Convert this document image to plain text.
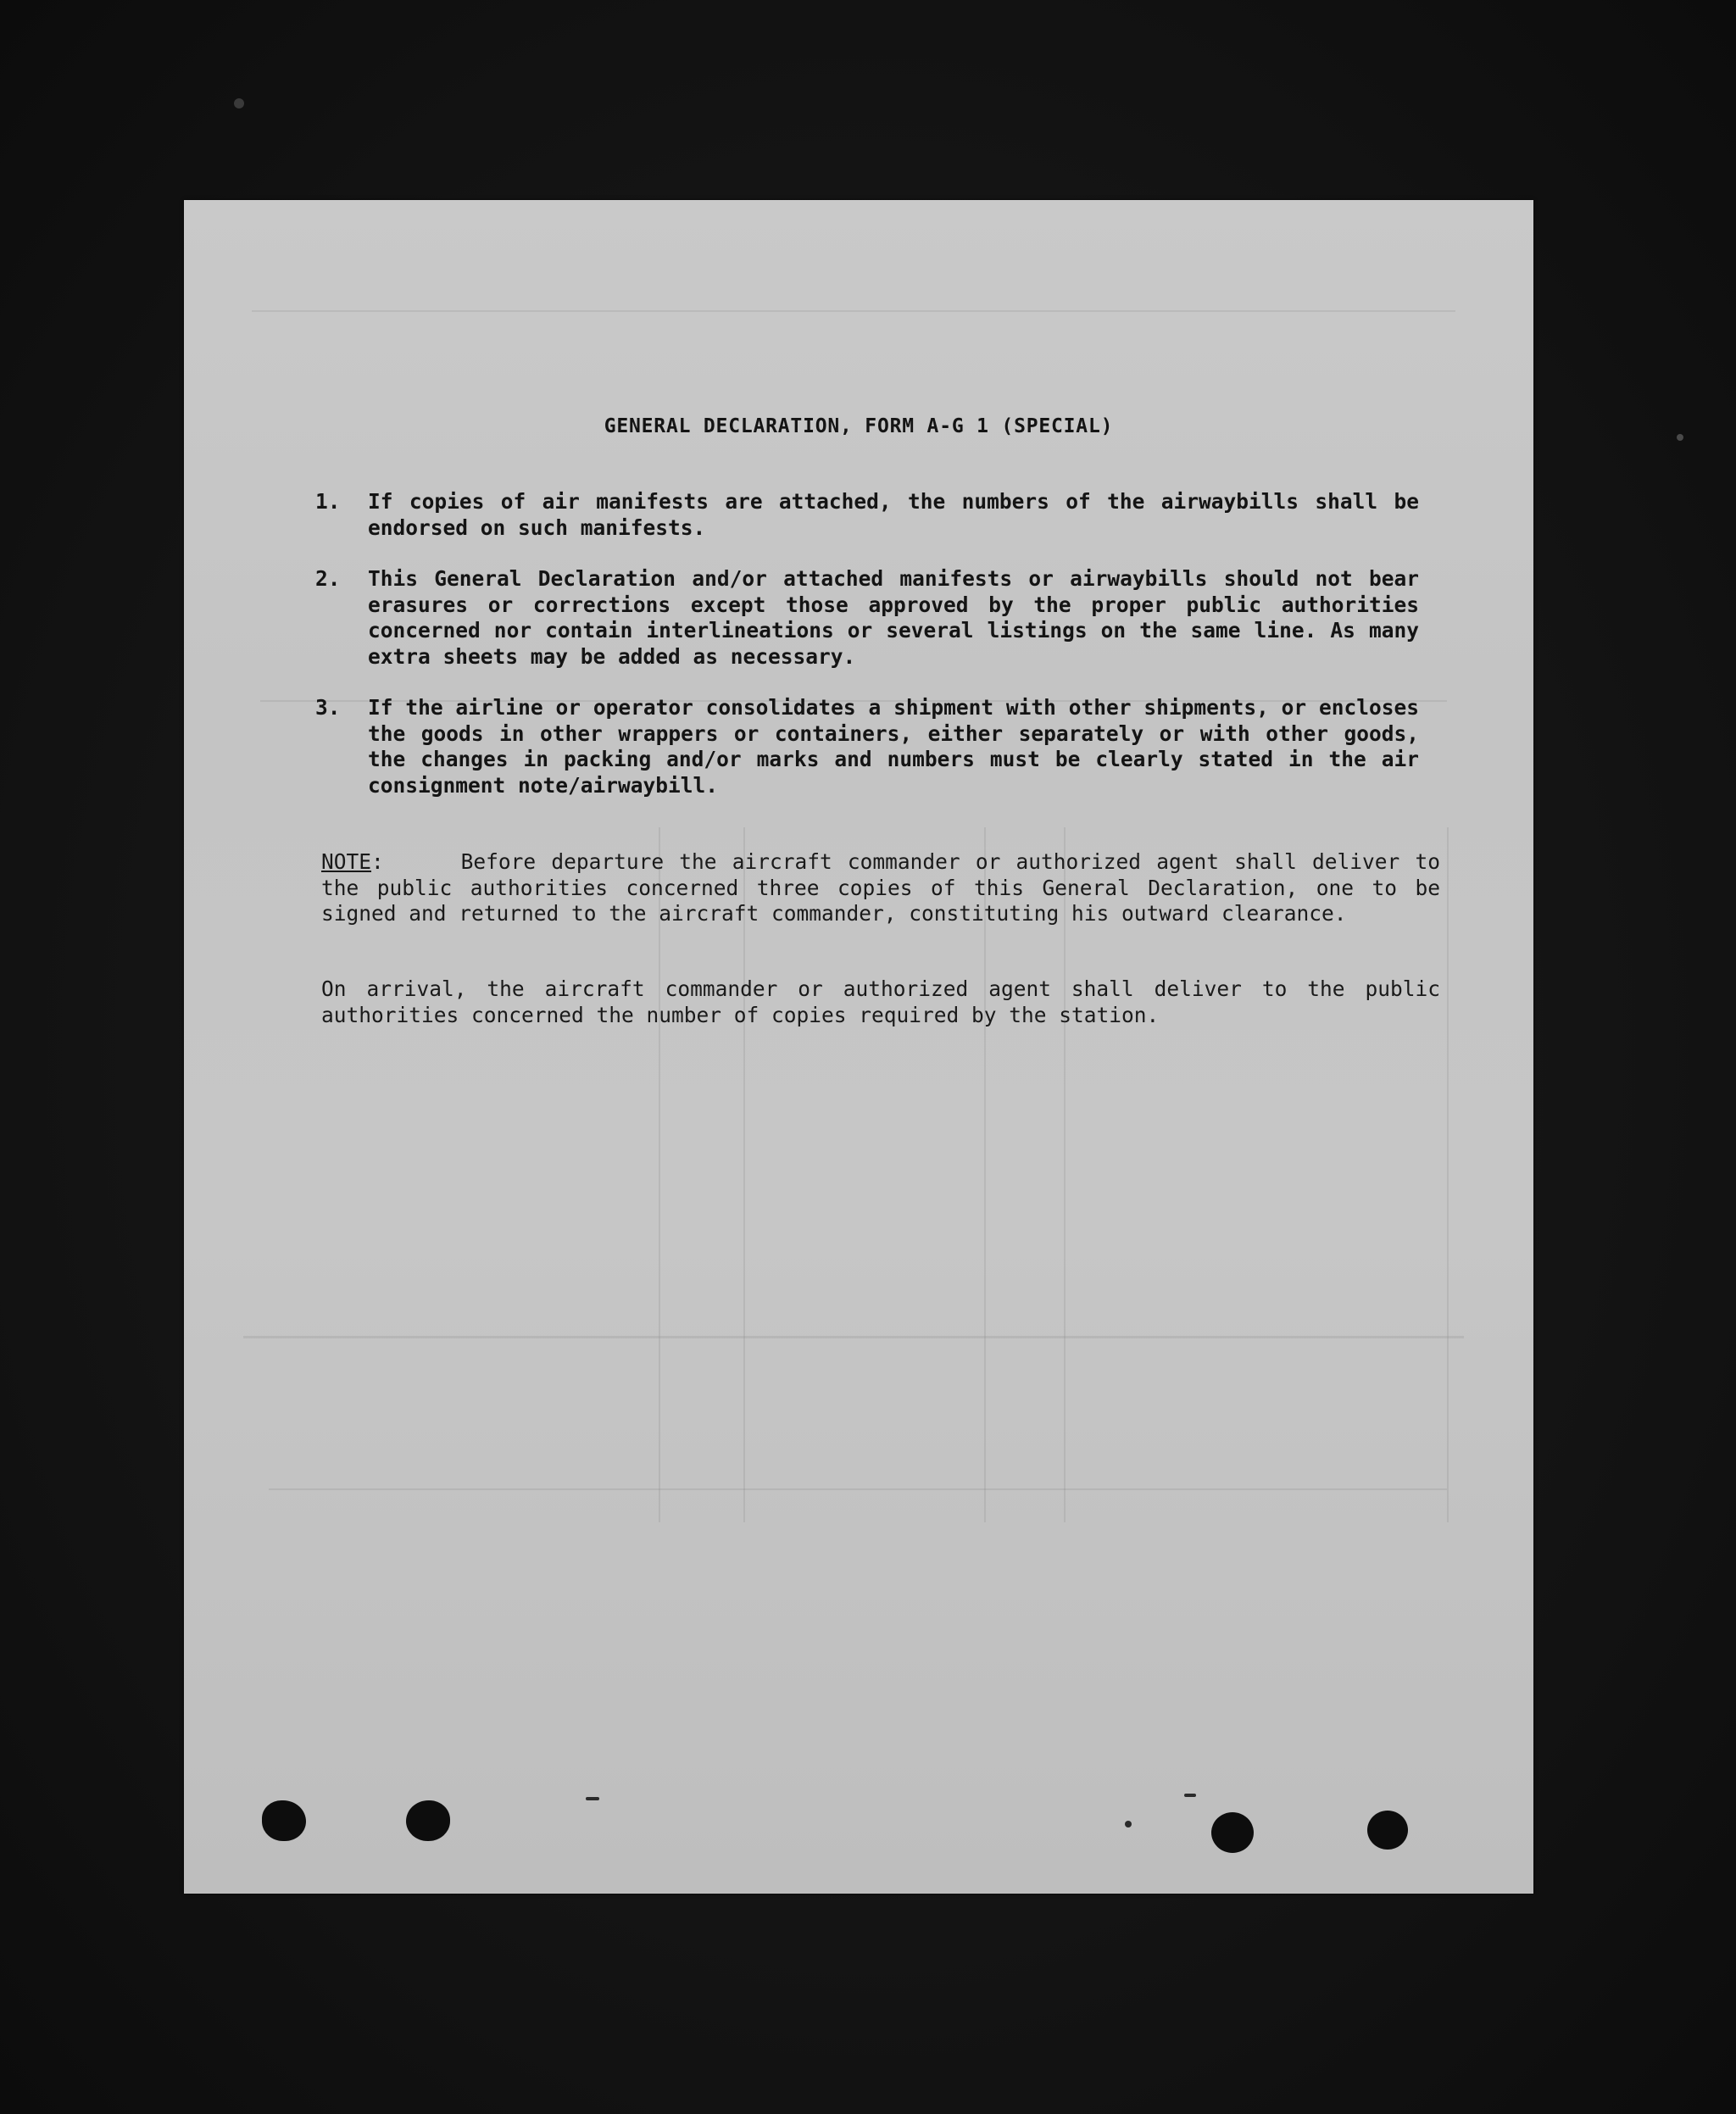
GENERAL DECLARATION, FORM A-G 1 (SPECIAL)
1. If copies of air manifests are attached, the numbers of the airwaybills shall be endorsed on such manifests.
2. This General Declaration and/or attached manifests or airwaybills should not bear erasures or corrections except those approved by the proper public authorities concerned nor contain interlineations or several listings on the same line. As many extra sheets may be added as necessary.
3. If the airline or operator consolidates a shipment with other shipments, or encloses the goods in other wrappers or containers, either separately or with other goods, the changes in packing and/or marks and numbers must be clearly stated in the air consignment note/airwaybill.
NOTE:     Before departure the aircraft commander or authorized agent shall deliver to the public authorities concerned three copies of this General Declaration, one to be signed and returned to the aircraft commander, constituting his outward clearance.
On arrival, the aircraft commander or authorized agent shall deliver to the public authorities concerned the number of copies required by the station.
